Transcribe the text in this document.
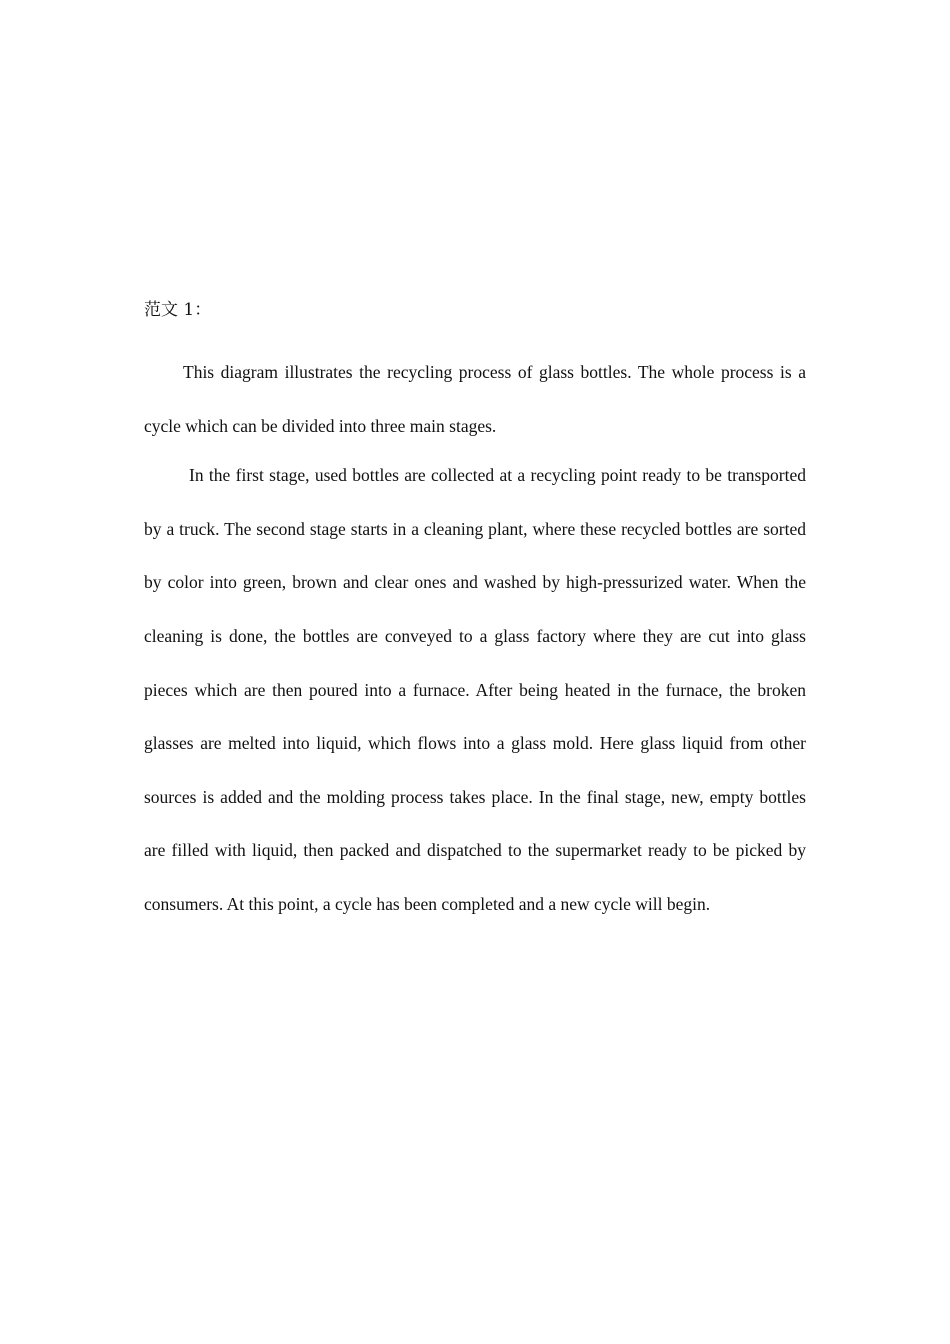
范文 1：

This diagram illustrates the recycling process of glass bottles. The whole process is a cycle which can be divided into three main stages.

In the first stage, used bottles are collected at a recycling point ready to be transported by a truck. The second stage starts in a cleaning plant, where these recycled bottles are sorted by color into green, brown and clear ones and washed by high-pressurized water. When the cleaning is done, the bottles are conveyed to a glass factory where they are cut into glass pieces which are then poured into a furnace. After being heated in the furnace, the broken glasses are melted into liquid, which flows into a glass mold. Here glass liquid from other sources is added and the molding process takes place. In the final stage, new, empty bottles are filled with liquid, then packed and dispatched to the supermarket ready to be picked by consumers. At this point, a cycle has been completed and a new cycle will begin.
